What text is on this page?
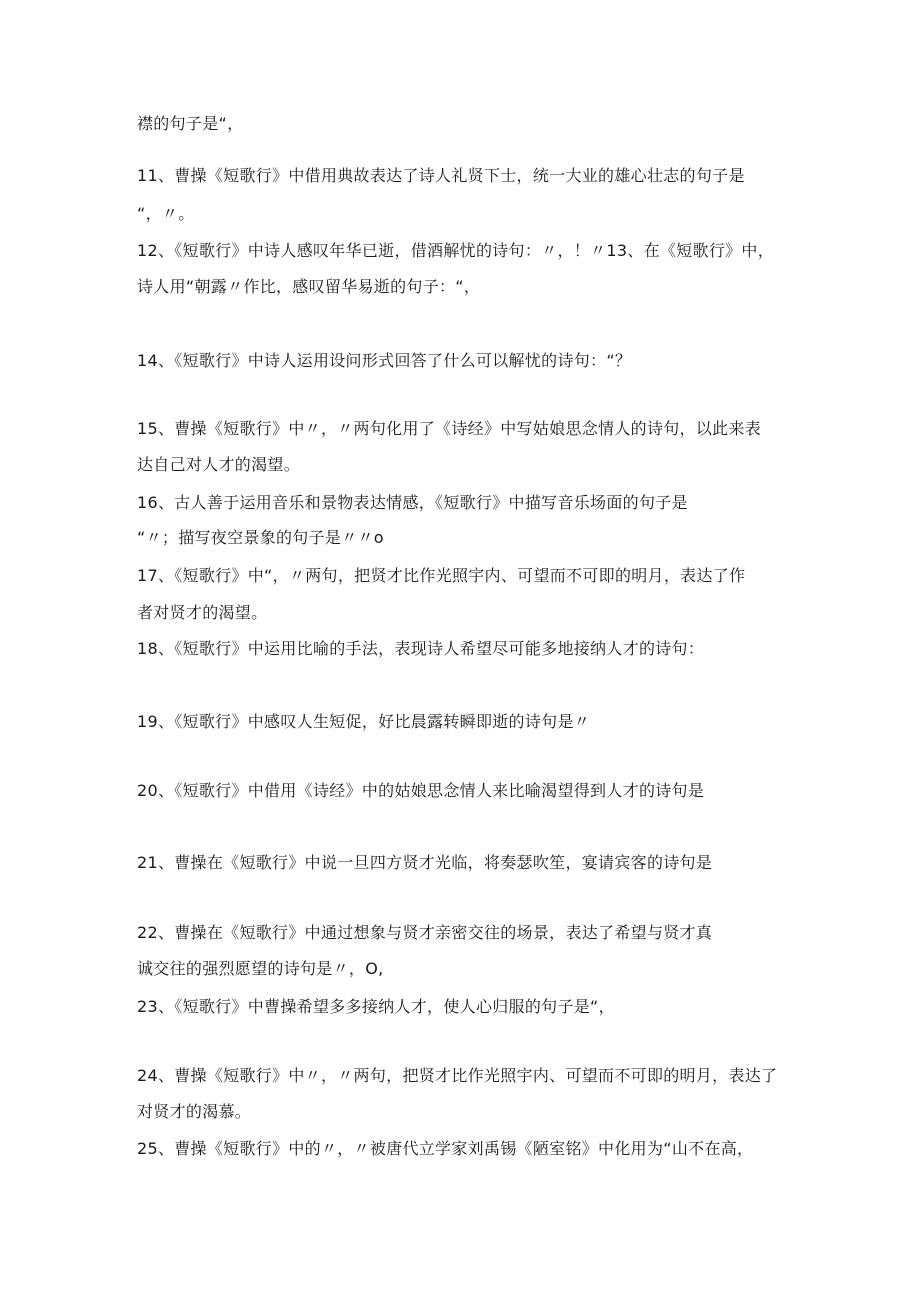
襟的句子是“，
11、曹操《短歌行》中借用典故表达了诗人礼贤下士，统一大业的雄心壮志的句子是
“，〃。
12、《短歌行》中诗人感叹年华已逝，借酒解忧的诗句：〃，！〃13、在《短歌行》中，
诗人用“朝露〃作比，感叹留华易逝的句子：“，
14、《短歌行》中诗人运用设问形式回答了什么可以解忧的诗句：“？
15、曹操《短歌行》中〃，〃两句化用了《诗经》中写姑娘思念情人的诗句，以此来表
达自己对人才的渴望。
16、古人善于运用音乐和景物表达情感，《短歌行》中描写音乐场面的句子是
“〃；描写夜空景象的句子是〃〃o
17、《短歌行》中“，〃两句，把贤才比作光照宇内、可望而不可即的明月，表达了作
者对贤才的渴望。
18、《短歌行》中运用比喻的手法，表现诗人希望尽可能多地接纳人才的诗句：
19、《短歌行》中感叹人生短促，好比晨露转瞬即逝的诗句是〃
20、《短歌行》中借用《诗经》中的姑娘思念情人来比喻渴望得到人才的诗句是
21、曹操在《短歌行》中说一旦四方贤才光临，将奏瑟吹笙，宴请宾客的诗句是
22、曹操在《短歌行》中通过想象与贤才亲密交往的场景，表达了希望与贤才真
诚交往的强烈愿望的诗句是〃，O,
23、《短歌行》中曹操希望多多接纳人才，使人心归服的句子是“，
24、曹操《短歌行》中〃，〃两句，把贤才比作光照宇内、可望而不可即的明月，表达了
对贤才的渴慕。
25、曹操《短歌行》中的〃，〃被唐代立学家刘禹锡《陋室铭》中化用为“山不在高，
